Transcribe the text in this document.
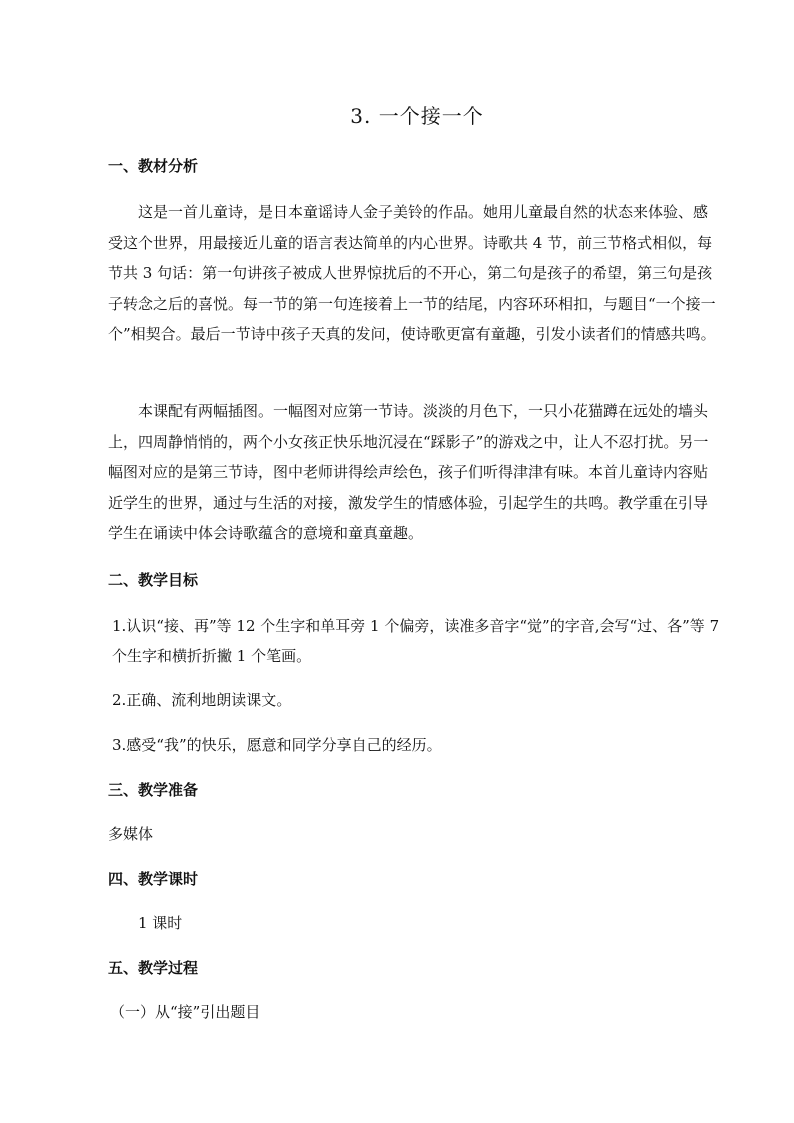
3. 一个接一个
一、教材分析
这是一首儿童诗，是日本童谣诗人金子美铃的作品。她用儿童最自然的状态来体验、感受这个世界，用最接近儿童的语言表达简单的内心世界。诗歌共 4 节，前三节格式相似，每节共 3 句话：第一句讲孩子被成人世界惊扰后的不开心，第二句是孩子的希望，第三句是孩子转念之后的喜悦。每一节的第一句连接着上一节的结尾，内容环环相扣，与题目“一个接一个”相契合。最后一节诗中孩子天真的发问，使诗歌更富有童趣，引发小读者们的情感共鸣。
本课配有两幅插图。一幅图对应第一节诗。淡淡的月色下，一只小花猫蹲在远处的墙头上，四周静悄悄的，两个小女孩正快乐地沉浸在“踩影子”的游戏之中，让人不忍打扰。另一幅图对应的是第三节诗，图中老师讲得绘声绘色，孩子们听得津津有味。本首儿童诗内容贴近学生的世界，通过与生活的对接，激发学生的情感体验，引起学生的共鸣。教学重在引导学生在诵读中体会诗歌蕴含的意境和童真童趣。
二、教学目标
1.认识“接、再”等 12 个生字和单耳旁 1 个偏旁，读准多音字“觉”的字音,会写“过、各”等 7 个生字和横折折撇 1 个笔画。
2.正确、流利地朗读课文。
3.感受“我”的快乐，愿意和同学分享自己的经历。
三、教学准备
多媒体
四、教学课时
1 课时
五、教学过程
（一）从“接”引出题目
